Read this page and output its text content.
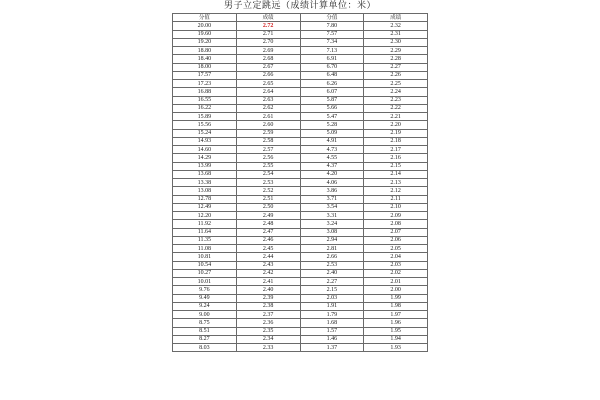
男子立定跳远（成绩计算单位：米）
分值	成绩	分值	成绩
20.00	2.72	7.80	2.32
19.60	2.71	7.57	2.31
19.20	2.70	7.34	2.30
18.80	2.69	7.13	2.29
18.40	2.68	6.91	2.28
18.00	2.67	6.70	2.27
17.57	2.66	6.48	2.26
17.23	2.65	6.26	2.25
16.88	2.64	6.07	2.24
16.55	2.63	5.87	2.23
16.22	2.62	5.66	2.22
15.89	2.61	5.47	2.21
15.56	2.60	5.28	2.20
15.24	2.59	5.09	2.19
14.93	2.58	4.91	2.18
14.60	2.57	4.73	2.17
14.29	2.56	4.55	2.16
13.99	2.55	4.37	2.15
13.68	2.54	4.20	2.14
13.38	2.53	4.06	2.13
13.08	2.52	3.86	2.12
12.78	2.51	3.71	2.11
12.49	2.50	3.54	2.10
12.20	2.49	3.31	2.09
11.92	2.48	3.24	2.08
11.64	2.47	3.08	2.07
11.35	2.46	2.94	2.06
11.08	2.45	2.81	2.05
10.81	2.44	2.66	2.04
10.54	2.43	2.53	2.03
10.27	2.42	2.40	2.02
10.01	2.41	2.27	2.01
9.76	2.40	2.15	2.00
9.49	2.39	2.03	1.99
9.24	2.38	1.91	1.98
9.00	2.37	1.79	1.97
8.75	2.36	1.68	1.96
8.51	2.35	1.57	1.95
8.27	2.34	1.46	1.94
8.03	2.33	1.37	1.93
